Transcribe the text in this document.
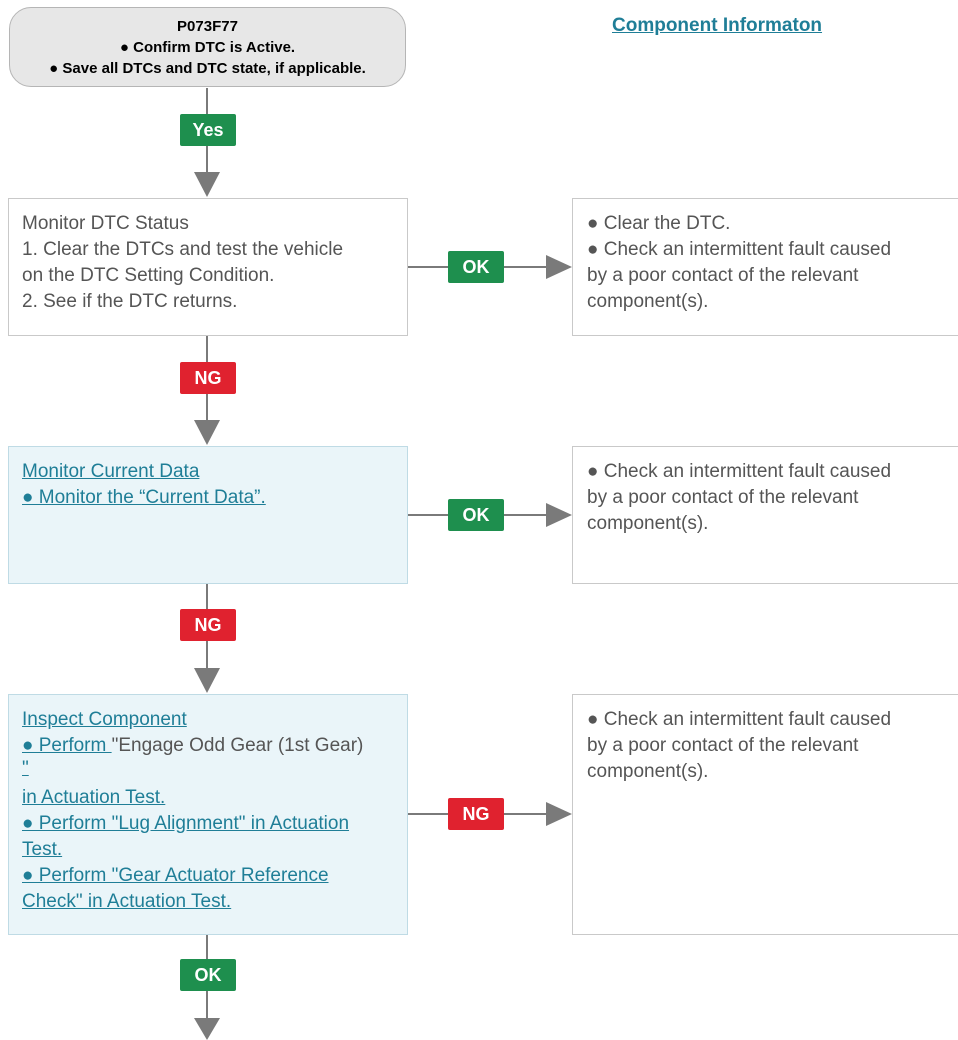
P073F77
● Confirm DTC is Active.
● Save all DTCs and DTC state, if applicable.
Component Informaton
Yes
Monitor DTC Status
1. Clear the DTCs and test the vehicle
on the DTC Setting Condition.
2. See if the DTC returns.
OK
● Clear the DTC.
● Check an intermittent fault caused
by a poor contact of the relevant
component(s).
NG
Monitor Current Data
● Monitor the “Current Data”.
OK
● Check an intermittent fault caused
by a poor contact of the relevant
component(s).
NG
Inspect Component
● Perform "Engage Odd Gear (1st Gear)
"
in Actuation Test.
● Perform "Lug Alignment" in Actuation
Test.
● Perform "Gear Actuator Reference
Check" in Actuation Test.
NG
● Check an intermittent fault caused
by a poor contact of the relevant
component(s).
OK
